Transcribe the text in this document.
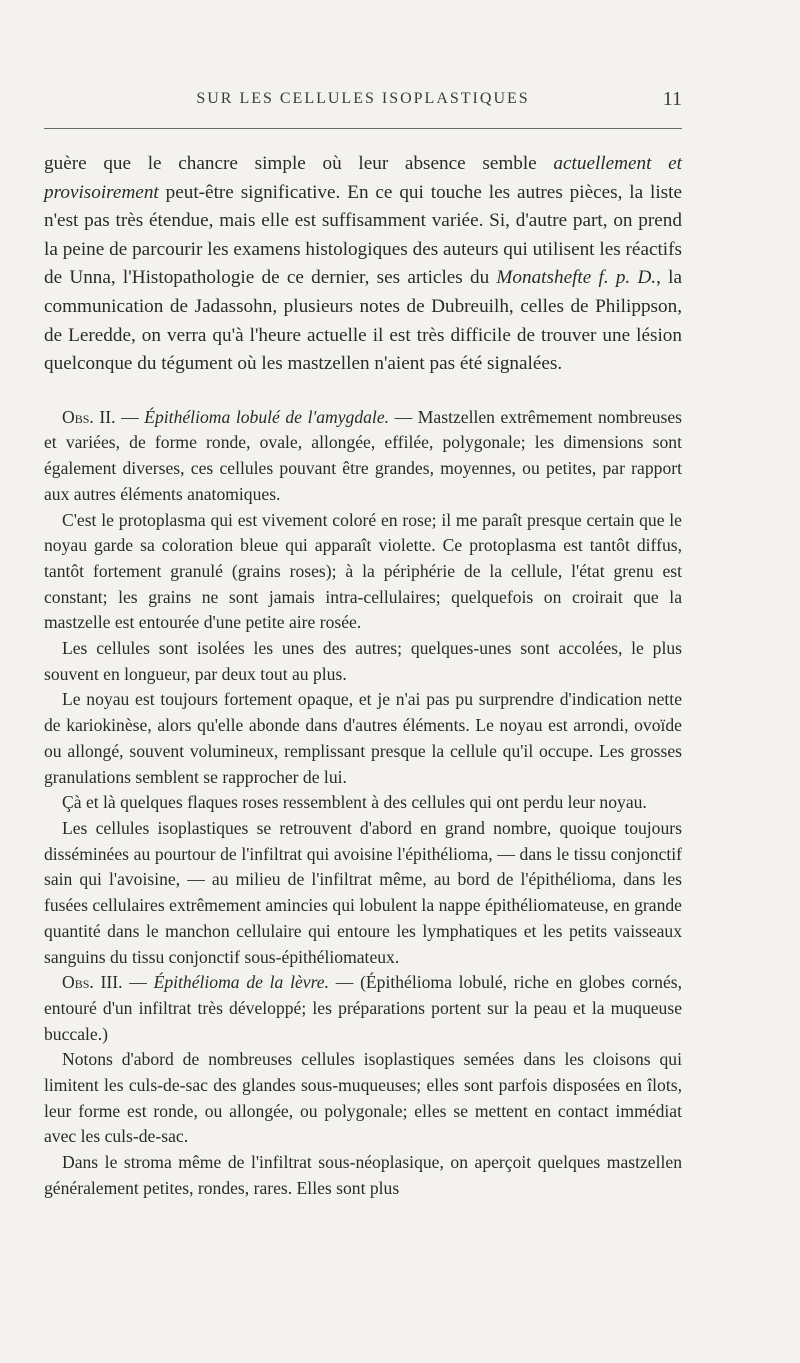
SUR LES CELLULES ISOPLASTIQUES	11

guère que le chancre simple où leur absence semble actuellement et provisoirement peut-être significative. En ce qui touche les autres pièces, la liste n'est pas très étendue, mais elle est suffisamment variée. Si, d'autre part, on prend la peine de parcourir les examens histologiques des auteurs qui utilisent les réactifs de Unna, l'Histopathologie de ce dernier, ses articles du Monatshefte f. p. D., la communication de Jadassohn, plusieurs notes de Dubreuilh, celles de Philippson, de Leredde, on verra qu'à l'heure actuelle il est très difficile de trouver une lésion quelconque du tégument où les mastzellen n'aient pas été signalées.

Obs. II. — Épithélioma lobulé de l'amygdale. — Mastzellen extrêmement nombreuses et variées, de forme ronde, ovale, allongée, effilée, polygonale; les dimensions sont également diverses, ces cellules pouvant être grandes, moyennes, ou petites, par rapport aux autres éléments anatomiques.

C'est le protoplasma qui est vivement coloré en rose; il me paraît presque certain que le noyau garde sa coloration bleue qui apparaît violette. Ce protoplasma est tantôt diffus, tantôt fortement granulé (grains roses); à la périphérie de la cellule, l'état grenu est constant; les grains ne sont jamais intra-cellulaires; quelquefois on croirait que la mastzelle est entourée d'une petite aire rosée.

Les cellules sont isolées les unes des autres; quelques-unes sont accolées, le plus souvent en longueur, par deux tout au plus.

Le noyau est toujours fortement opaque, et je n'ai pas pu surprendre d'indication nette de kariokinèse, alors qu'elle abonde dans d'autres éléments. Le noyau est arrondi, ovoïde ou allongé, souvent volumineux, remplissant presque la cellule qu'il occupe. Les grosses granulations semblent se rapprocher de lui.

Çà et là quelques flaques roses ressemblent à des cellules qui ont perdu leur noyau.

Les cellules isoplastiques se retrouvent d'abord en grand nombre, quoique toujours disséminées au pourtour de l'infiltrat qui avoisine l'épithélioma, — dans le tissu conjonctif sain qui l'avoisine, — au milieu de l'infiltrat même, au bord de l'épithélioma, dans les fusées cellulaires extrêmement amincies qui lobulent la nappe épithéliomateuse, en grande quantité dans le manchon cellulaire qui entoure les lymphatiques et les petits vaisseaux sanguins du tissu conjonctif sous-épithéliomateux.

Obs. III. — Épithélioma de la lèvre. — (Épithélioma lobulé, riche en globes cornés, entouré d'un infiltrat très développé; les préparations portent sur la peau et la muqueuse buccale.)

Notons d'abord de nombreuses cellules isoplastiques semées dans les cloisons qui limitent les culs-de-sac des glandes sous-muqueuses; elles sont parfois disposées en îlots, leur forme est ronde, ou allongée, ou polygonale; elles se mettent en contact immédiat avec les culs-de-sac.

Dans le stroma même de l'infiltrat sous-néoplasique, on aperçoit quelques mastzellen généralement petites, rondes, rares. Elles sont plus
